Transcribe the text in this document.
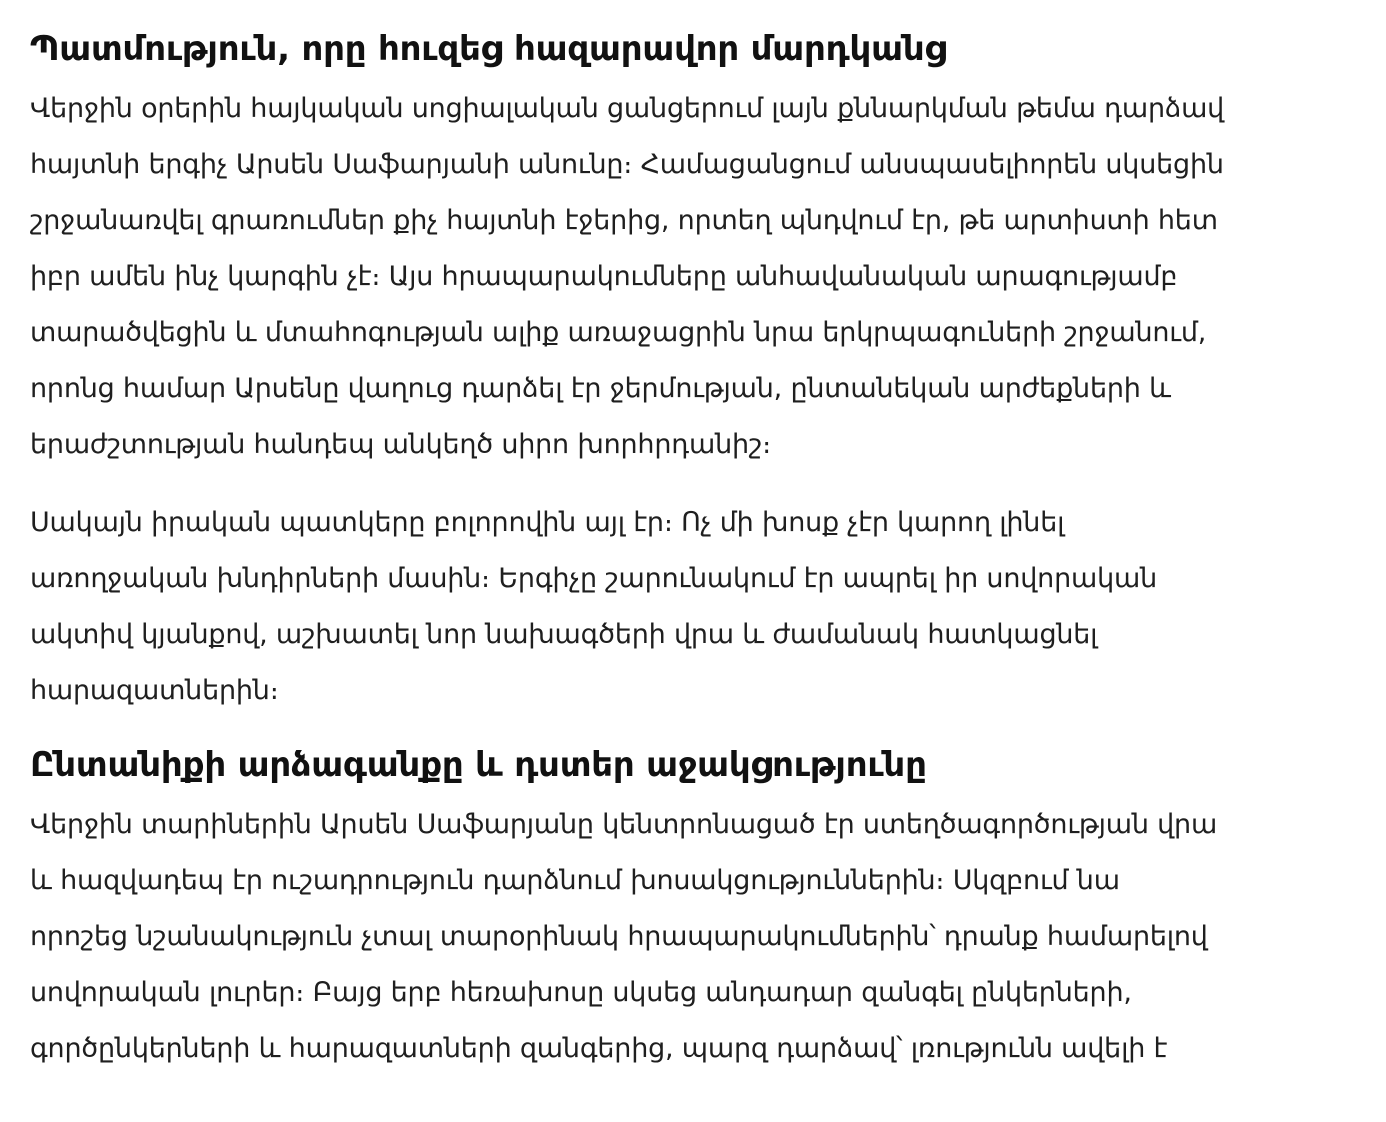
Պատմություն, որը հուզեց հազարավոր մարդկանց

Վերջին օրերին հայկական սոցիալական ցանցերում լայն քննարկման թեմա դարձավ
հայտնի երգիչ Արսեն Սաֆարյանի անունը։ Համացանցում անսպասելիորեն սկսեցին
շրջանառվել գրառումներ քիչ հայտնի էջերից, որտեղ պնդվում էր, թե արտիստի հետ
իբր ամեն ինչ կարգին չէ։ Այս հրապարակումները անհավանական արագությամբ
տարածվեցին և մտահոգության ալիք առաջացրին նրա երկրպագուների շրջանում,
որոնց համար Արսենը վաղուց դարձել էր ջերմության, ընտանեկան արժեքների և
երաժշտության հանդեպ անկեղծ սիրո խորհրդանիշ։

Սակայն իրական պատկերը բոլորովին այլ էր։ Ոչ մի խոսք չէր կարող լինել
առողջական խնդիրների մասին։ Երգիչը շարունակում էր ապրել իր սովորական
ակտիվ կյանքով, աշխատել նոր նախագծերի վրա և ժամանակ հատկացնել
հարազատներին։

Ընտանիքի արձագանքը և դստեր աջակցությունը

Վերջին տարիներին Արսեն Սաֆարյանը կենտրոնացած էր ստեղծագործության վրա
և հազվադեպ էր ուշադրություն դարձնում խոսակցություններին։ Սկզբում նա
որոշեց նշանակություն չտալ տարօրինակ հրապարակումներին՝ դրանք համարելով
սովորական լուրեր։ Բայց երբ հեռախոսը սկսեց անդադար զանգել ընկերների,
գործընկերների և հարազատների զանգերից, պարզ դարձավ՝ լռությունն ավելի է
